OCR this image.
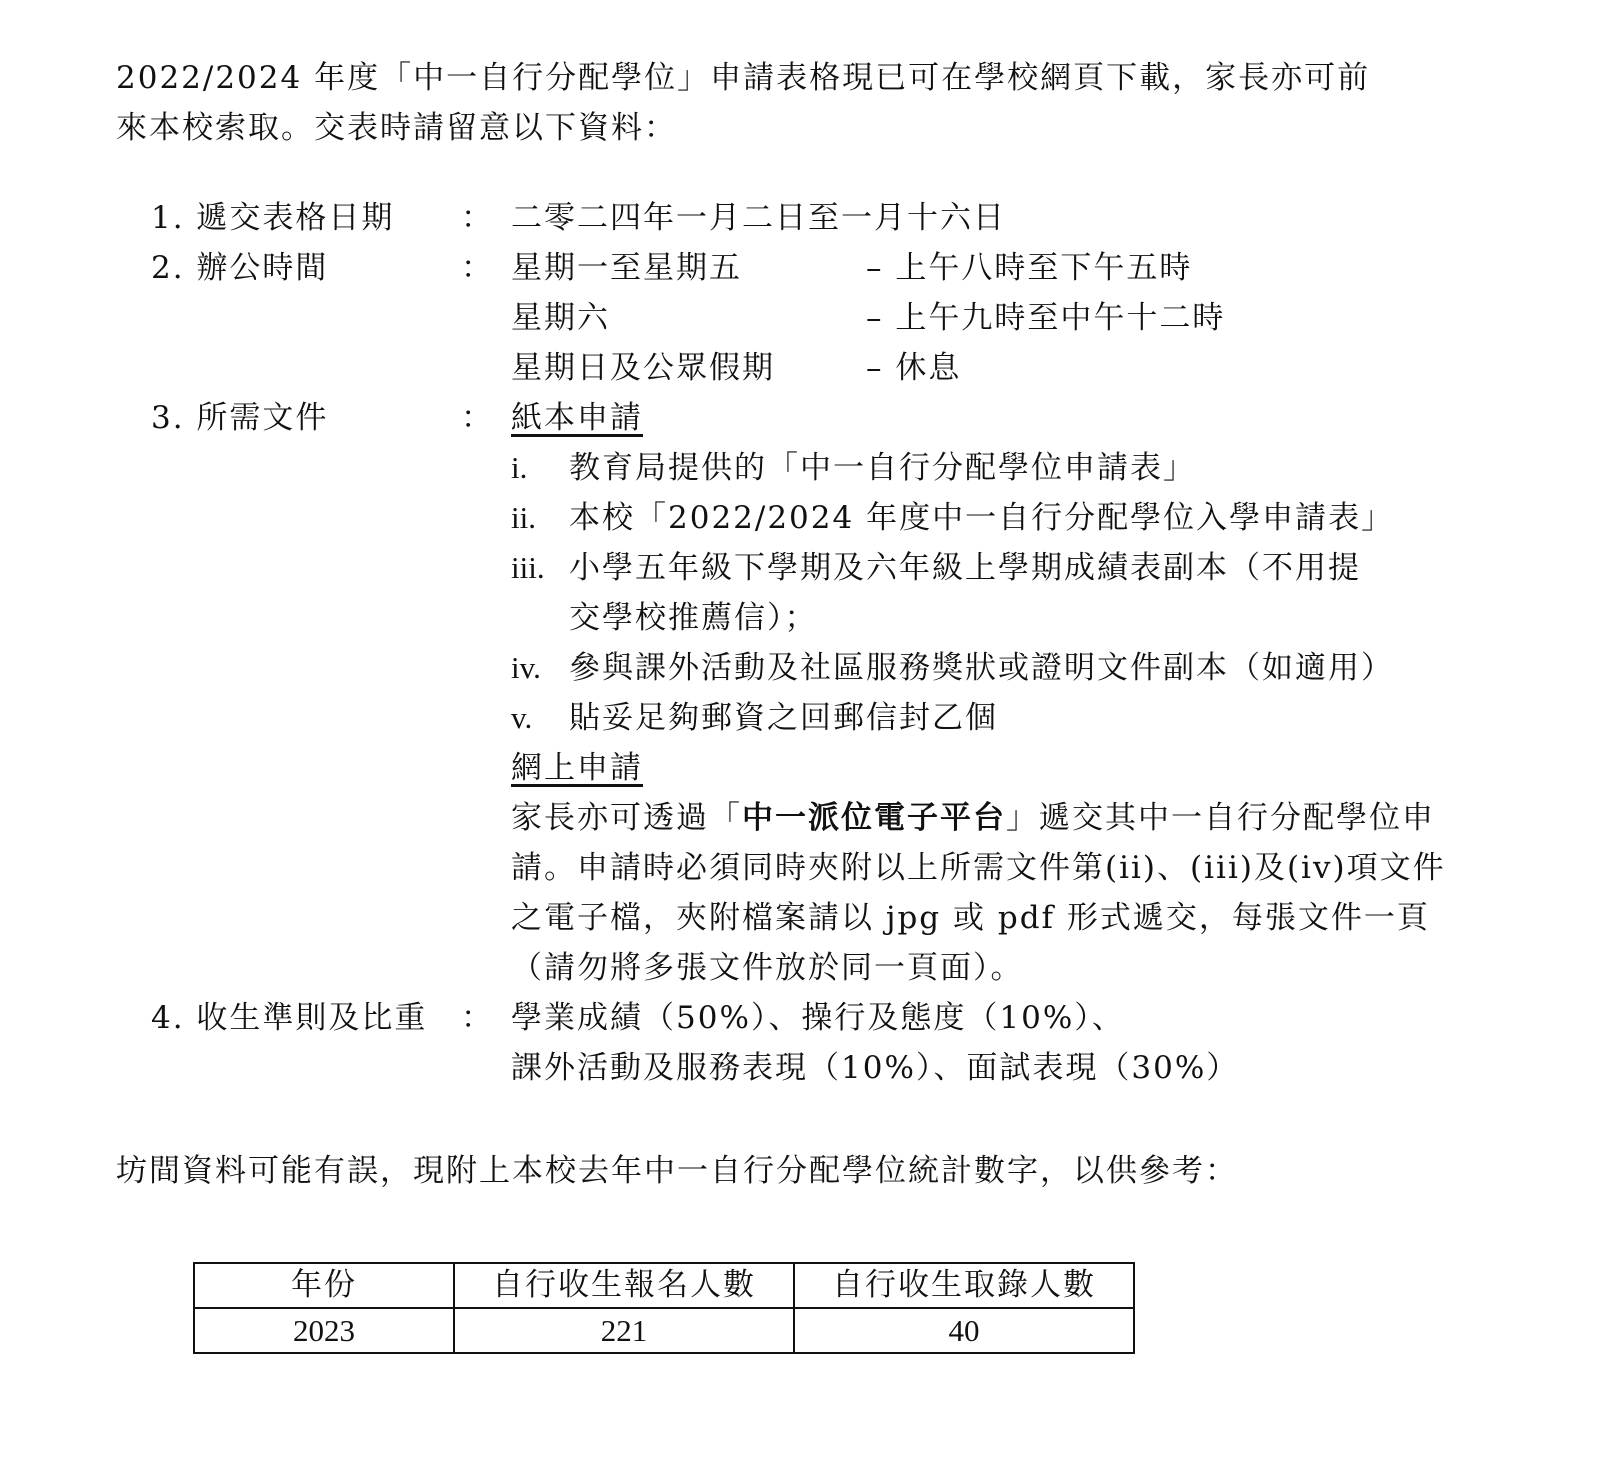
2022/2024 年度「中一自行分配學位」申請表格現已可在學校網頁下載，家長亦可前

來本校索取。交表時請留意以下資料：

1. 遞交表格日期	： 二零二四年一月二日至一月十六日
2. 辦公時間	： 星期一至星期五	– 上午八時至下午五時
星期六	– 上午九時至中午十二時
星期日及公眾假期	– 休息
3. 所需文件	： 紙本申請
i.	教育局提供的「中一自行分配學位申請表」
ii.	本校「2022/2024 年度中一自行分配學位入學申請表」
iii. 小學五年級下學期及六年級上學期成績表副本（不用提
交學校推薦信）；
iv. 參與課外活動及社區服務獎狀或證明文件副本（如適用）
v.	貼妥足夠郵資之回郵信封乙個
網上申請
家長亦可透過「中一派位電子平台」遞交其中一自行分配學位申請。申請時必須同時夾附以上所需文件第(ii)、(iii)及(iv)項文件之電子檔，夾附檔案請以 jpg 或 pdf 形式遞交，每張文件一頁（請勿將多張文件放於同一頁面）。
4. 收生準則及比重	： 學業成績（50%）、操行及態度（10%）、
課外活動及服務表現（10%）、面試表現（30%）
坊間資料可能有誤，現附上本校去年中一自行分配學位統計數字，以供參考：
年份	自行收生報名人數	自行收生取錄人數
2023	221	40
